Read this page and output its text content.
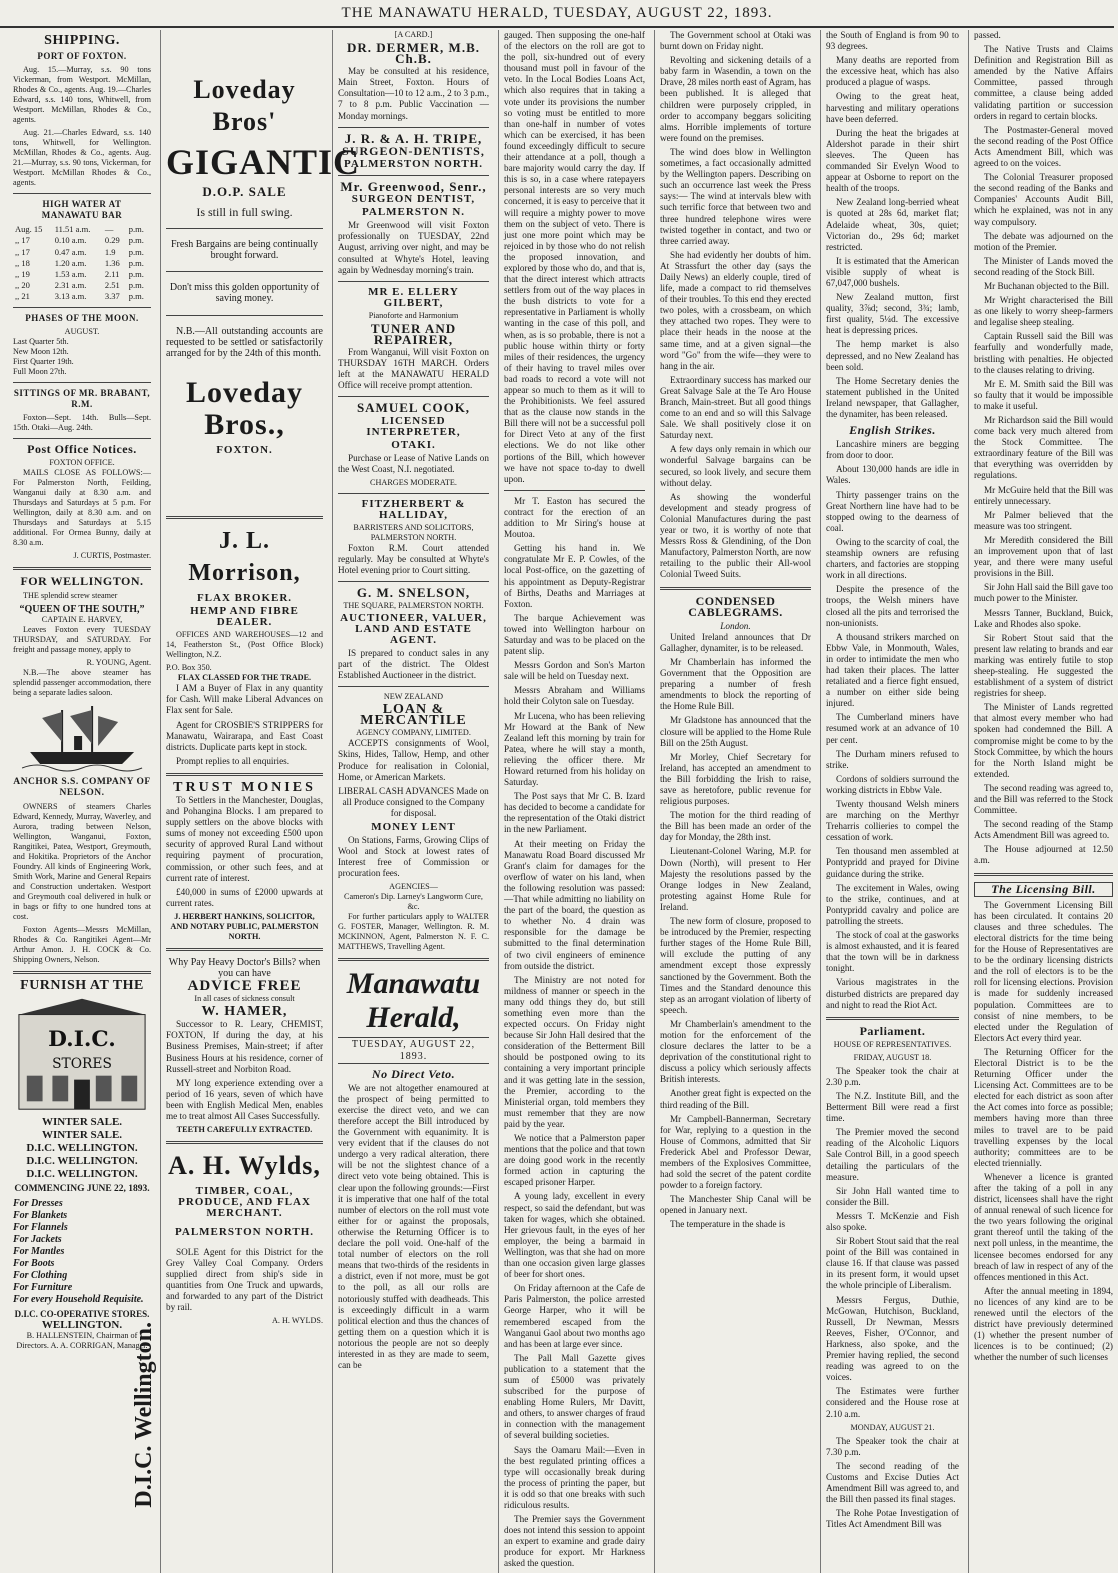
THE MANAWATU HERALD, TUESDAY, AUGUST 22, 1893.
SHIPPING.
PORT OF FOXTON.

Aug. 15.—Murray, s.s. 90 tons Vickerman, from Westport. McMillan, Rhodes & Co., agents. Aug. 19.—Charles Edward, s.s. 140 tons, Whitwell, from Westport. McMillan, Rhodes & Co., agents.

Aug. 21.—Charles Edward, s.s. 140 tons, Whitwell, for Wellington. McMillan, Rhodes & Co., agents. Aug. 21.—Murray, s.s. 90 tons, Vickerman, for Westport. McMillan Rhodes & Co., agents.

HIGH WATER AT MANAWATU BAR
Aug. 15	11.51 a.m.	—	p.m.
,, 17	0.10 a.m.	0.29	p.m.
,, 17	0.47 a.m.	1.9	p.m.
,, 18	1.20 a.m.	1.36	p.m.
,, 19	1.53 a.m.	2.11	p.m.
,, 20	2.31 a.m.	2.51	p.m.
,, 21	3.13 a.m.	3.37	p.m.
PHASES OF THE MOON.
AUGUST.
Last Quarter 5th.
New Moon 12th.
First Quarter 19th.
Full Moon 27th.
SITTINGS OF MR. BRABANT, R.M.

Foxton—Sept. 14th. Bulls—Sept. 15th. Otaki—Aug. 24th.

Post Office Notices.
FOXTON OFFICE.

MAILS CLOSE AS FOLLOWS:—For Palmerston North, Feilding, Wanganui daily at 8.30 a.m. and Thursdays and Saturdays at 5 p.m. For Wellington, daily at 8.30 a.m. and on Thursdays and Saturdays at 5.15 additional. For Ormea Bunny, daily at 8.30 a.m.

J. CURTIS, Postmaster.
FOR WELLINGTON.

THE splendid screw steamer

“QUEEN OF THE SOUTH,”
CAPTAIN E. HARVEY,

Leaves Foxton every TUESDAY THURSDAY, and SATURDAY. For freight and passage money, apply to

R. YOUNG, Agent.

N.B.—The above steamer has splendid passenger accommodation, there being a separate ladies saloon.

ANCHOR S.S. COMPANY OF NELSON.

OWNERS of steamers Charles Edward, Kennedy, Murray, Waverley, and Aurora, trading between Nelson, Wellington, Wanganui, Foxton, Rangitikei, Patea, Westport, Greymouth, and Hokitika. Proprietors of the Anchor Foundry. All kinds of Engineering Work, Smith Work, Marine and General Repairs and Construction undertaken. Westport and Greymouth coal delivered in hulk or in bags or fifty to one hundred tons at cost.

Foxton Agents—Messrs McMillan, Rhodes & Co. Rangitikei Agent—Mr Arthur Amon. J. H. COCK & Co. Shipping Owners, Nelson.

FURNISH AT THE
D.I.C.
STORES
WINTER SALE.
WINTER SALE.
D.I.C. WELLINGTON.
D.I.C. WELLINGTON.
D.I.C. WELLINGTON.
COMMENCING JUNE 22, 1893.
For Dresses
For Blankets
For Flannels
For Jackets
For Mantles
For Boots
For Clothing
For Furniture
For every Household Requisite.
D.I.C. Wellington.
D.I.C. CO-OPERATIVE STORES.
WELLINGTON.
B. HALLENSTEIN, Chairman of Directors. A. A. CORRIGAN, Manager.
Loveday Bros'
GIGANTIC
D.O.P. SALE
Is still in full swing.

Fresh Bargains are being continually brought forward.

Don't miss this golden opportunity of saving money.

N.B.—All outstanding accounts are requested to be settled or satisfactorily arranged for by the 24th of this month.

Loveday Bros.,
FOXTON.
J. L. Morrison,
FLAX BROKER.
HEMP AND FIBRE DEALER.

OFFICES AND WAREHOUSES—12 and 14, Featherston St., (Post Office Block) Wellington, N.Z.

P.O. Box 350.
FLAX CLASSED FOR THE TRADE.

I AM a Buyer of Flax in any quantity for Cash. Will make Liberal Advances on Flax sent for Sale.

Agent for CROSBIE'S STRIPPERS for Manawatu, Wairarapa, and East Coast districts. Duplicate parts kept in stock.

Prompt replies to all enquiries.

TRUST MONIES

To Settlers in the Manchester, Douglas, and Pohangina Blocks. I am prepared to supply settlers on the above blocks with sums of money not exceeding £500 upon security of approved Rural Land without requiring payment of procuration, commission, or other such fees, and at current rate of interest.

£40,000 in sums of £2000 upwards at current rates.

J. HERBERT HANKINS, SOLICITOR, AND NOTARY PUBLIC, PALMERSTON NORTH.
Why Pay Heavy Doctor's Bills? when you can have
ADVICE FREE
In all cases of sickness consult
W. HAMER,

Successor to R. Leary, CHEMIST, FOXTON, If during the day, at his Business Premises, Main-street; if after Business Hours at his residence, corner of Russell-street and Norbiton Road.

MY long experience extending over a period of 16 years, seven of which have been with English Medical Men, enables me to treat almost All Cases Successfully.

TEETH CAREFULLY EXTRACTED.
A. H. Wylds,
TIMBER, COAL, PRODUCE, AND FLAX MERCHANT.
PALMERSTON NORTH.

SOLE Agent for this District for the Grey Valley Coal Company. Orders supplied direct from ship's side in quantities from One Truck and upwards, and forwarded to any part of the District by rail.

A. H. WYLDS.
[A CARD.]
DR. DERMER, M.B. Ch.B.

May be consulted at his residence, Main Street, Foxton. Hours of Consultation—10 to 12 a.m., 2 to 3 p.m., 7 to 8 p.m. Public Vaccination — Monday mornings.

J. R. & A. H. TRIPE,
SURGEON-DENTISTS,
PALMERSTON NORTH.
Mr. Greenwood, Senr.,
SURGEON DENTIST,
PALMERSTON N.

Mr Greenwood will visit Foxton professionally on TUESDAY, 22nd August, arriving over night, and may be consulted at Whyte's Hotel, leaving again by Wednesday morning's train.

MR E. ELLERY GILBERT,
Pianoforte and Harmonium
TUNER AND REPAIRER,

From Wanganui, Will visit Foxton on THURSDAY 16TH MARCH. Orders left at the MANAWATU HERALD Office will receive prompt attention.

SAMUEL COOK,
LICENSED INTERPRETER,
OTAKI.

Purchase or Lease of Native Lands on the West Coast, N.I. negotiated.

CHARGES MODERATE.
FITZHERBERT & HALLIDAY,
BARRISTERS AND SOLICITORS, PALMERSTON NORTH.

Foxton R.M. Court attended regularly. May be consulted at Whyte's Hotel evening prior to Court sitting.

G. M. SNELSON,
THE SQUARE, PALMERSTON NORTH.
AUCTIONEER, VALUER, LAND AND ESTATE AGENT.

IS prepared to conduct sales in any part of the district. The Oldest Established Auctioneer in the district.

NEW ZEALAND
LOAN & MERCANTILE
AGENCY COMPANY, LIMITED.

ACCEPTS consignments of Wool, Skins, Hides, Tallow, Hemp, and other Produce for realisation in Colonial, Home, or American Markets.

LIBERAL CASH ADVANCES Made on all Produce consigned to the Company for disposal.

MONEY LENT

On Stations, Farms, Growing Clips of Wool and Stock at lowest rates of Interest free of Commission or procuration fees.

AGENCIES—
Cameron's Dip. Larney's Langworm Cure, &c.

For further particulars apply to WALTER G. FOSTER, Manager, Wellington. R. M. MCKINNON, Agent, Palmerston N. F. C. MATTHEWS, Travelling Agent.

Manawatu Herald,
TUESDAY, AUGUST 22, 1893.
No Direct Veto.

We are not altogether enamoured at the prospect of being permitted to exercise the direct veto, and we can therefore accept the Bill introduced by the Government with equanimity. It is very evident that if the clauses do not undergo a very radical alteration, there will be not the slightest chance of a direct veto vote being obtained. This is clear upon the following grounds:—First it is imperative that one half of the total number of electors on the roll must vote either for or against the proposals, otherwise the Returning Officer is to declare the poll void. One-half of the total number of electors on the roll means that two-thirds of the residents in a district, even if not more, must be got to the poll, as all our rolls are notoriously stuffed with deadheads. This is exceedingly difficult in a warm political election and thus the chances of getting them on a question which it is notorious the people are not so deeply interested in as they are made to seem, can be

gauged. Then supposing the one-half of the electors on the roll are got to the poll, six-hundred out of every thousand must poll in favour of the veto. In the Local Bodies Loans Act, which also requires that in taking a vote under its provisions the number so voting must be entitled to more than one-half in number of votes which can be exercised, it has been found exceedingly difficult to secure their attendance at a poll, though a bare majority would carry the day. If this is so, in a case where ratepayers personal interests are so very much concerned, it is easy to perceive that it will require a mighty power to move them on the subject of veto. There is just one more point which may be rejoiced in by those who do not relish the proposed innovation, and explored by those who do, and that is, that the direct interest which attracts settlers from out of the way places in the bush districts to vote for a representative in Parliament is wholly wanting in the case of this poll, and when, as is so probable, there is not a public house within thirty or forty miles of their residences, the urgency of their having to travel miles over bad roads to record a vote will not appear so much to them as it will to the Prohibitionists. We feel assured that as the clause now stands in the Bill there will not be a successful poll for Direct Veto at any of the first elections. We do not like other portions of the Bill, which however we have not space to-day to dwell upon.

Mr T. Easton has secured the contract for the erection of an addition to Mr Siring's house at Moutoa.

Getting his hand in. We congratulate Mr E. P. Cowles, of the local Post-office, on the gazetting of his appointment as Deputy-Registrar of Births, Deaths and Marriages at Foxton.

The barque Achievement was towed into Wellington harbour on Saturday and was to be placed on the patent slip.

Messrs Gordon and Son's Marton sale will be held on Tuesday next.

Messrs Abraham and Williams hold their Colyton sale on Tuesday.

Mr Lucena, who has been relieving Mr Howard at the Bank of New Zealand left this morning by train for Patea, where he will stay a month, relieving the officer there. Mr Howard returned from his holiday on Saturday.

The Post says that Mr C. B. Izard has decided to become a candidate for the representation of the Otaki district in the new Parliament.

At their meeting on Friday the Manawatu Road Board discussed Mr Grant's claim for damages for the overflow of water on his land, when the following resolution was passed:—That while admitting no liability on the part of the board, the question as to whether No. 4 drain was responsible for the damage be submitted to the final determination of two civil engineers of eminence from outside the district.

The Ministry are not noted for mildness of manner or speech in the many odd things they do, but still something even more than the expected occurs. On Friday night because Sir John Hall desired that the consideration of the Betterment Bill should be postponed owing to its containing a very important principle and it was getting late in the session, the Premier, according to the Ministerial organ, told members they must remember that they are now paid by the year.

We notice that a Palmerston paper mentions that the police and that town are doing good work in the recently formed action in capturing the escaped prisoner Harper.

A young lady, excellent in every respect, so said the defendant, but was taken for wages, which she obtained. Her grievous fault, in the eyes of her employer, the being a barmaid in Wellington, was that she had on more than one occasion given large glasses of beer for short ones.

On Friday afternoon at the Cafe de Paris Palmerston, the police arrested George Harper, who it will be remembered escaped from the Wanganui Gaol about two months ago and has been at large ever since.

The Pall Mall Gazette gives publication to a statement that the sum of £5000 was privately subscribed for the purpose of enabling Home Rulers, Mr Davitt, and others, to answer charges of fraud in connection with the management of several building societies.

Says the Oamaru Mail:—Even in the best regulated printing offices a type will occasionally break during the process of printing the paper, but it is odd so that one breaks with such ridiculous results.

The Premier says the Government does not intend this session to appoint an expert to examine and grade dairy produce for export. Mr Harkness asked the question.

The Government school at Otaki was burnt down on Friday night.

Revolting and sickening details of a baby farm in Wasendin, a town on the Drave, 28 miles north east of Agram, has been published. It is alleged that children were purposely crippled, in order to accompany beggars soliciting alms. Horrible implements of torture were found on the premises.

The wind does blow in Wellington sometimes, a fact occasionally admitted by the Wellington papers. Describing on such an occurrence last week the Press says:— The wind at intervals blew with such terrific force that between two and three hundred telephone wires were twisted together in contact, and two or three carried away.

She had evidently her doubts of him. At Strassfurt the other day (says the Daily News) an elderly couple, tired of life, made a compact to rid themselves of their troubles. To this end they erected two poles, with a crossbeam, on which they attached two ropes. They were to place their heads in the noose at the same time, and at a given signal—the word "Go" from the wife—they were to hang in the air.

Extraordinary success has marked our Great Salvage Sale at the Te Aro House Branch, Main-street. But all good things come to an end and so will this Salvage Sale. We shall positively close it on Saturday next.

A few days only remain in which our wonderful Salvage bargains can be secured, so look lively, and secure them without delay.

As showing the wonderful development and steady progress of Colonial Manufactures during the past year or two, it is worthy of note that Messrs Ross & Glendining, of the Don Manufactory, Palmerston North, are now retailing to the public their All-wool Colonial Tweed Suits.

CONDENSED CABLEGRAMS.
London.

United Ireland announces that Dr Gallagher, dynamiter, is to be released.

Mr Chamberlain has informed the Government that the Opposition are preparing a number of fresh amendments to block the reporting of the Home Rule Bill.

Mr Gladstone has announced that the closure will be applied to the Home Rule Bill on the 25th August.

Mr Morley, Chief Secretary for Ireland, has accepted an amendment to the Bill forbidding the Irish to raise, save as heretofore, public revenue for religious purposes.

The motion for the third reading of the Bill has been made an order of the day for Monday, the 28th inst.

Lieutenant-Colonel Waring, M.P. for Down (North), will present to Her Majesty the resolutions passed by the Orange lodges in New Zealand, protesting against Home Rule for Ireland.

The new form of closure, proposed to be introduced by the Premier, respecting further stages of the Home Rule Bill, will exclude the putting of any amendment except those expressly sanctioned by the Government. Both the Times and the Standard denounce this step as an arrogant violation of liberty of speech.

Mr Chamberlain's amendment to the motion for the enforcement of the closure declares the latter to be a deprivation of the constitutional right to discuss a policy which seriously affects British interests.

Another great fight is expected on the third reading of the Bill.

Mr Campbell-Bannerman, Secretary for War, replying to a question in the House of Commons, admitted that Sir Frederick Abel and Professor Dewar, members of the Explosives Committee, had sold the secret of the patent cordite powder to a foreign factory.

The Manchester Ship Canal will be opened in January next.

The temperature in the shade is

the South of England is from 90 to 93 degrees.

Many deaths are reported from the excessive heat, which has also produced a plague of wasps.

Owing to the great heat, harvesting and military operations have been deferred.

During the heat the brigades at Aldershot parade in their shirt sleeves. The Queen has commanded Sir Evelyn Wood to appear at Osborne to report on the health of the troops.

New Zealand long-berried wheat is quoted at 28s 6d, market flat; Adelaide wheat, 30s, quiet; Victorian do., 29s 6d; market restricted.

It is estimated that the American visible supply of wheat is 67,047,000 bushels.

New Zealand mutton, first quality, 3⅞d; second, 3¾; lamb, first quality, 5¼d. The excessive heat is depressing prices.

The hemp market is also depressed, and no New Zealand has been sold.

The Home Secretary denies the statement published in the United Ireland newspaper, that Gallagher, the dynamiter, has been released.

English Strikes.

Lancashire miners are begging from door to door.

About 130,000 hands are idle in Wales.

Thirty passenger trains on the Great Northern line have had to be stopped owing to the dearness of coal.

Owing to the scarcity of coal, the steamship owners are refusing charters, and factories are stopping work in all directions.

Despite the presence of the troops, the Welsh miners have closed all the pits and terrorised the non-unionists.

A thousand strikers marched on Ebbw Vale, in Monmouth, Wales, in order to intimidate the men who had taken their places. The latter retaliated and a fierce fight ensued, a number on either side being injured.

The Cumberland miners have resumed work at an advance of 10 per cent.

The Durham miners refused to strike.

Cordons of soldiers surround the working districts in Ebbw Vale.

Twenty thousand Welsh miners are marching on the Merthyr Treharris collieries to compel the cessation of work.

Ten thousand men assembled at Pontypridd and prayed for Divine guidance during the strike.

The excitement in Wales, owing to the strike, continues, and at Pontypridd cavalry and police are patrolling the streets.

The stock of coal at the gasworks is almost exhausted, and it is feared that the town will be in darkness tonight.

Various magistrates in the disturbed districts are prepared day and night to read the Riot Act.

Parliament.
HOUSE OF REPRESENTATIVES.
FRIDAY, AUGUST 18.

The Speaker took the chair at 2.30 p.m.

The N.Z. Institute Bill, and the Betterment Bill were read a first time.

The Premier moved the second reading of the Alcoholic Liquors Sale Control Bill, in a good speech detailing the particulars of the measure.

Sir John Hall wanted time to consider the Bill.

Messrs T. McKenzie and Fish also spoke.

Sir Robert Stout said that the real point of the Bill was contained in clause 16. If that clause was passed in its present form, it would upset the whole principle of Liberalism.

Messrs Fergus, Duthie, McGowan, Hutchison, Buckland, Russell, Dr Newman, Messrs Reeves, Fisher, O'Connor, and Harkness, also spoke, and the Premier having replied, the second reading was agreed to on the voices.

The Estimates were further considered and the House rose at 2.10 a.m.

MONDAY, AUGUST 21.

The Speaker took the chair at 7.30 p.m.

The second reading of the Customs and Excise Duties Act Amendment Bill was agreed to, and the Bill then passed its final stages.

The Rohe Potae Investigation of Titles Act Amendment Bill was

passed.

The Native Trusts and Claims Definition and Registration Bill as amended by the Native Affairs Committee, passed through committee, a clause being added validating partition or succession orders in regard to certain blocks.

The Postmaster-General moved the second reading of the Post Office Acts Amendment Bill, which was agreed to on the voices.

The Colonial Treasurer proposed the second reading of the Banks and Companies' Accounts Audit Bill, which he explained, was not in any way compulsory.

The debate was adjourned on the motion of the Premier.

The Minister of Lands moved the second reading of the Stock Bill.

Mr Buchanan objected to the Bill.

Mr Wright characterised the Bill as one likely to worry sheep-farmers and legalise sheep stealing.

Captain Russell said the Bill was fearfully and wonderfully made, bristling with penalties. He objected to the clauses relating to driving.

Mr E. M. Smith said the Bill was so faulty that it would be impossible to make it useful.

Mr Richardson said the Bill would come back very much altered from the Stock Committee. The extraordinary feature of the Bill was that everything was overridden by regulations.

Mr McGuire held that the Bill was entirely unnecessary.

Mr Palmer believed that the measure was too stringent.

Mr Meredith considered the Bill an improvement upon that of last year, and there were many useful provisions in the Bill.

Sir John Hall said the Bill gave too much power to the Minister.

Messrs Tanner, Buckland, Buick, Lake and Rhodes also spoke.

Sir Robert Stout said that the present law relating to brands and ear marking was entirely futile to stop sheep-stealing. He suggested the establishment of a system of district registries for sheep.

The Minister of Lands regretted that almost every member who had spoken had condemned the Bill. A compromise might be come to by the Stock Committee, by which the hours for the North Island might be extended.

The second reading was agreed to, and the Bill was referred to the Stock Committee.

The second reading of the Stamp Acts Amendment Bill was agreed to.

The House adjourned at 12.50 a.m.

The Licensing Bill.

The Government Licensing Bill has been circulated. It contains 20 clauses and three schedules. The electoral districts for the time being for the House of Representatives are to be the ordinary licensing districts and the roll of electors is to be the roll for licensing elections. Provision is made for suddenly increased population. Committees are to consist of nine members, to be elected under the Regulation of Electors Act every third year.

The Returning Officer for the Electoral District is to be the Returning Officer under the Licensing Act. Committees are to be elected for each district as soon after the Act comes into force as possible; members having more than three miles to travel are to be paid travelling expenses by the local authority; committees are to be elected triennially.

Whenever a licence is granted after the taking of a poll in any district, licensees shall have the right of annual renewal of such licence for the two years following the original grant thereof until the taking of the next poll unless, in the meantime, the licensee becomes endorsed for any breach of law in respect of any of the offences mentioned in this Act.

After the annual meeting in 1894, no licences of any kind are to be renewed until the electors of the district have previously determined (1) whether the present number of licences is to be continued; (2) whether the number of such licenses
